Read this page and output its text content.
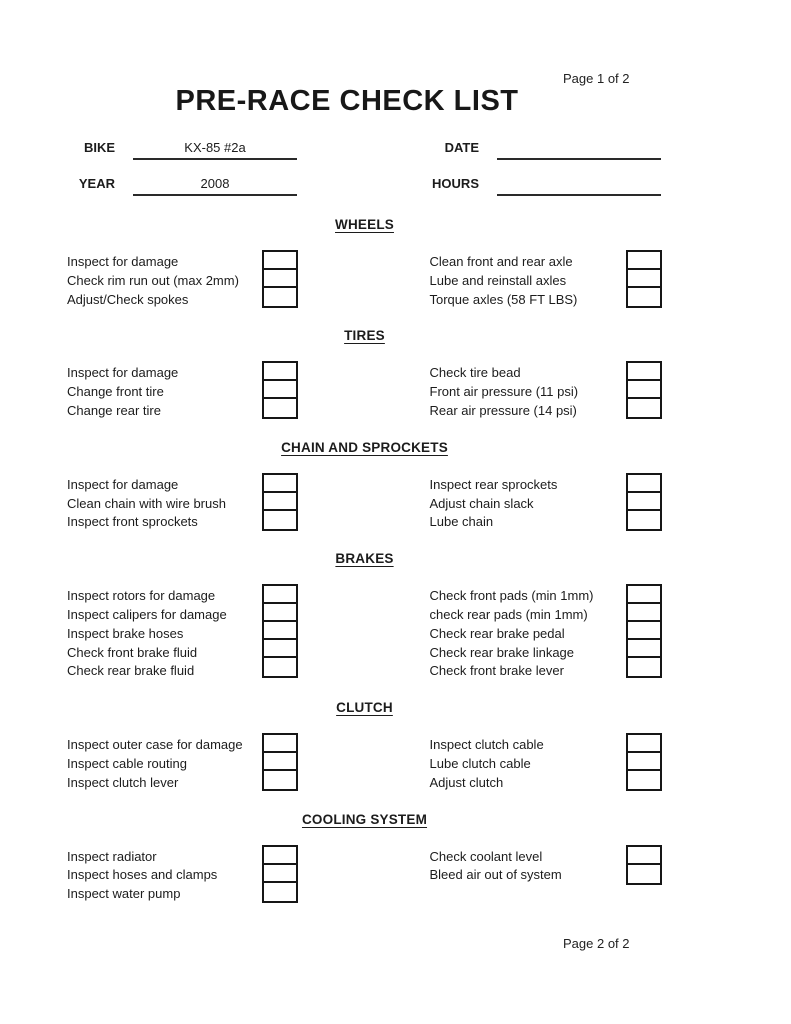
Page 1 of 2
PRE-RACE CHECK LIST
BIKE	KX-85 #2a	DATE
YEAR	2008	HOURS
WHEELS
Inspect for damage
Check rim run out (max 2mm)
Adjust/Check spokes
Clean front and rear axle
Lube and reinstall axles
Torque axles (58 FT LBS)
TIRES
Inspect for damage
Change front tire
Change rear tire
Check tire bead
Front air pressure (11 psi)
Rear air pressure (14 psi)
CHAIN AND SPROCKETS
Inspect for damage
Clean chain with wire brush
Inspect front sprockets
Inspect rear sprockets
Adjust chain slack
Lube chain
BRAKES
Inspect rotors for damage
Inspect calipers for damage
Inspect brake hoses
Check front brake fluid
Check rear brake fluid
Check front pads (min 1mm)
check rear pads (min 1mm)
Check rear brake pedal
Check rear brake linkage
Check front brake lever
CLUTCH
Inspect outer case for damage
Inspect cable routing
Inspect clutch lever
Inspect clutch cable
Lube clutch cable
Adjust clutch
COOLING SYSTEM
Inspect radiator
Inspect hoses and clamps
Inspect water pump
Check coolant level
Bleed air out of system
Page 2 of 2
